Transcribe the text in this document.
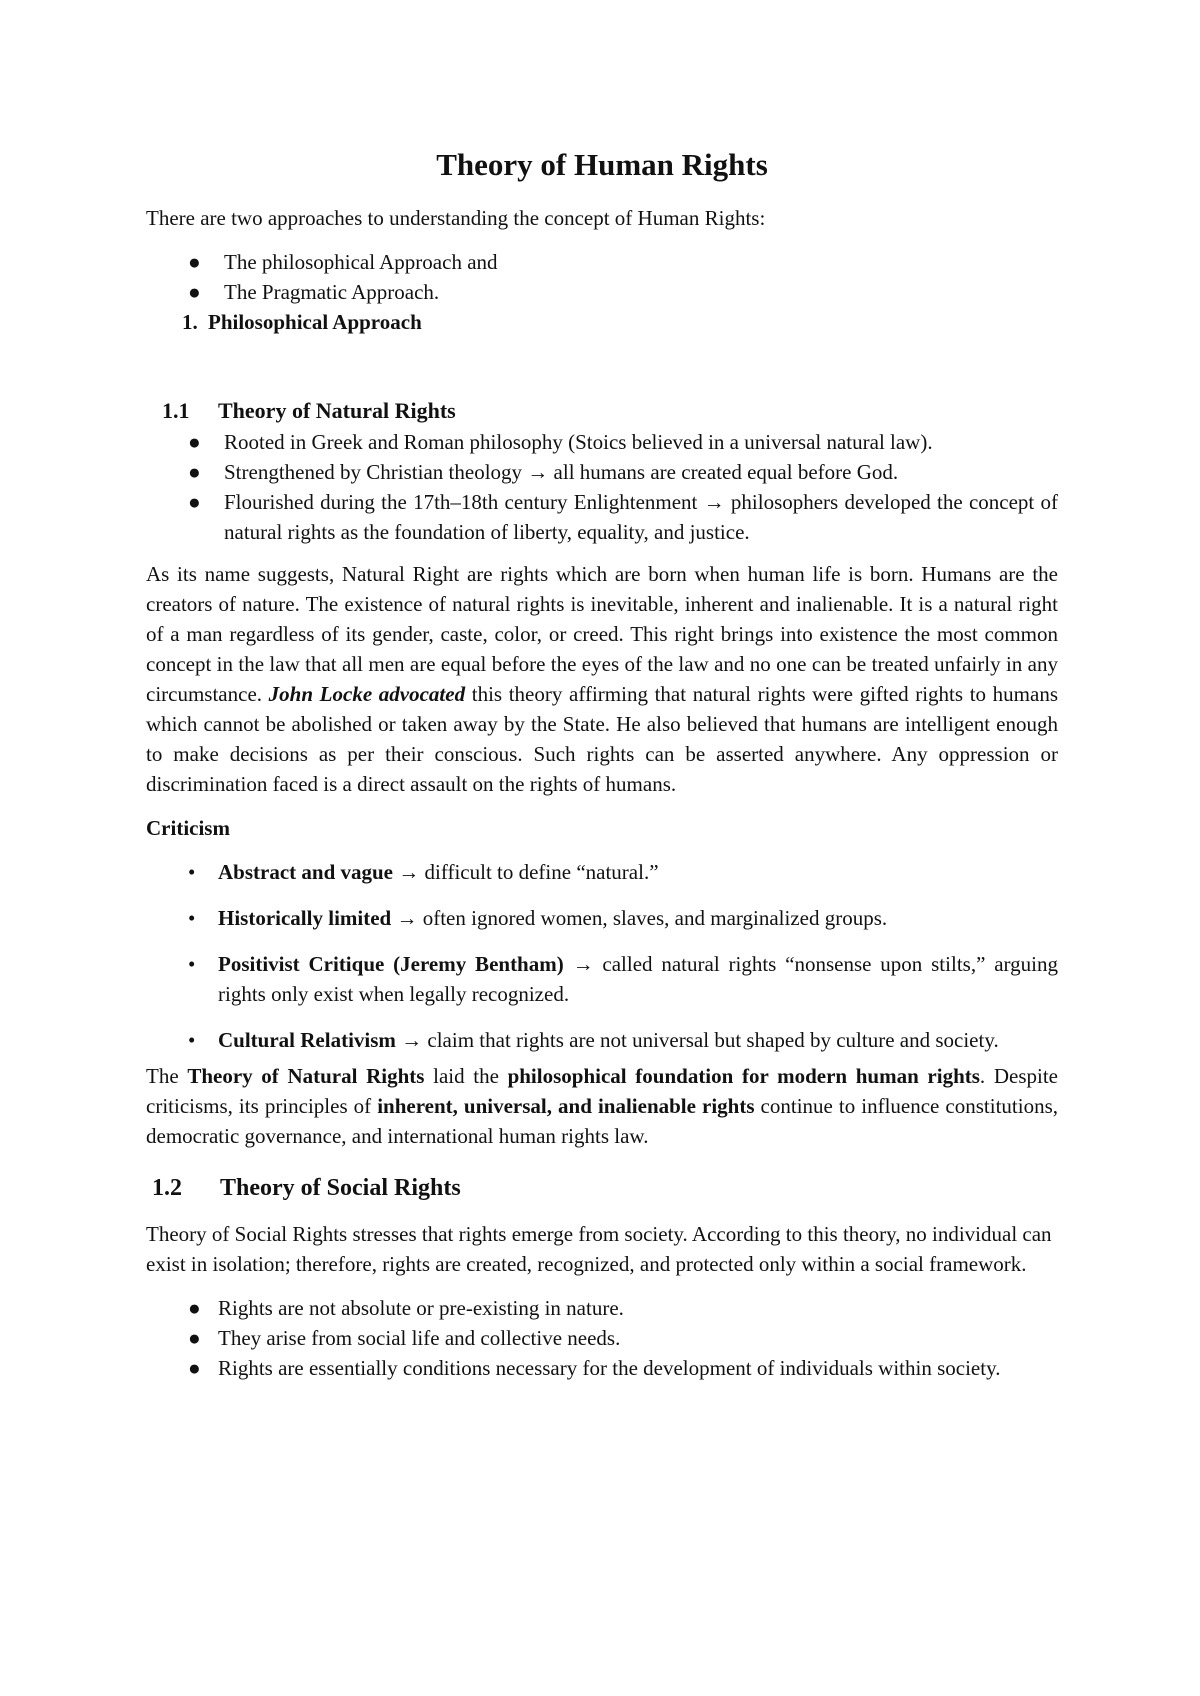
Theory of Human Rights

There are two approaches to understanding the concept of Human Rights:

● The philosophical Approach and
● The Pragmatic Approach.
1. Philosophical Approach
1.1	Theory of Natural Rights
● Rooted in Greek and Roman philosophy (Stoics believed in a universal natural law).
● Strengthened by Christian theology → all humans are created equal before God.
● Flourished during the 17th–18th century Enlightenment → philosophers developed the concept of natural rights as the foundation of liberty, equality, and justice.

As its name suggests, Natural Right are rights which are born when human life is born. Humans are the creators of nature. The existence of natural rights is inevitable, inherent and inalienable. It is a natural right of a man regardless of its gender, caste, color, or creed. This right brings into existence the most common concept in the law that all men are equal before the eyes of the law and no one can be treated unfairly in any circumstance. John Locke advocated this theory affirming that natural rights were gifted rights to humans which cannot be abolished or taken away by the State. He also believed that humans are intelligent enough to make decisions as per their conscious. Such rights can be asserted anywhere. Any oppression or discrimination faced is a direct assault on the rights of humans.

Criticism

• Abstract and vague → difficult to define “natural.”
• Historically limited → often ignored women, slaves, and marginalized groups.
• Positivist Critique (Jeremy Bentham) → called natural rights “nonsense upon stilts,” arguing rights only exist when legally recognized.
• Cultural Relativism → claim that rights are not universal but shaped by culture and society.

The Theory of Natural Rights laid the philosophical foundation for modern human rights. Despite criticisms, its principles of inherent, universal, and inalienable rights continue to influence constitutions, democratic governance, and international human rights law.

1.2	Theory of Social Rights

Theory of Social Rights stresses that rights emerge from society. According to this theory, no individual can exist in isolation; therefore, rights are created, recognized, and protected only within a social framework.

● Rights are not absolute or pre-existing in nature.
● They arise from social life and collective needs.
● Rights are essentially conditions necessary for the development of individuals within society.
